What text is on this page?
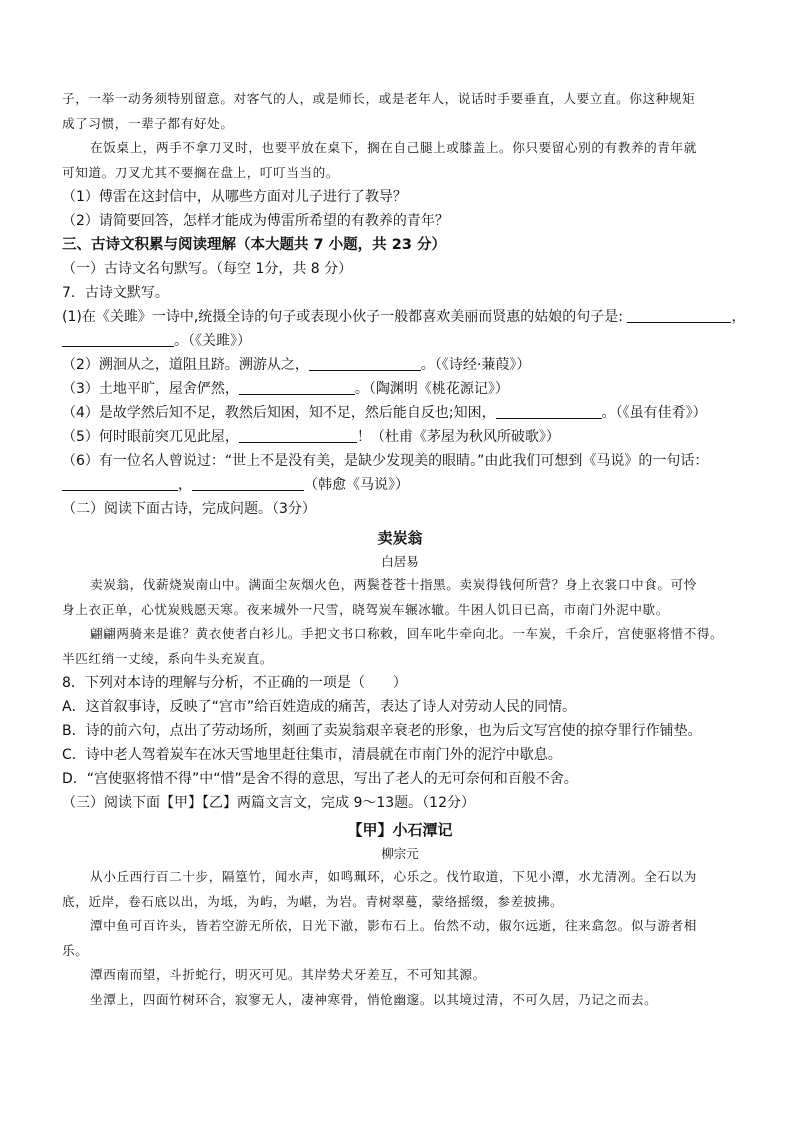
子，一举一动务须特别留意。对客气的人，或是师长，或是老年人，说话时手要垂直，人要立直。你这种规矩
成了习惯，一辈子都有好处。
在饭桌上，两手不拿刀叉时，也要平放在桌下，搁在自己腿上或膝盖上。你只要留心别的有教养的青年就
可知道。刀叉尤其不要搁在盘上，叮叮当当的。
（1）傅雷在这封信中，从哪些方面对儿子进行了教导？
（2）请简要回答，怎样才能成为傅雷所希望的有教养的青年？
三、古诗文积累与阅读理解（本大题共 7 小题，共 23 分）
（一）古诗文名句默写。（每空 1分，共 8 分）
7．古诗文默写。
(1)在《关雎》一诗中,统摄全诗的句子或表现小伙子一般都喜欢美丽而贤惠的姑娘的句子是:	，
。（《关雎》）
（2）溯洄从之，道阻且跻。溯游从之，	。（《诗经·蒹葭》）
（3）土地平旷，屋舍俨然，	。（陶渊明《桃花源记》）
（4）是故学然后知不足，教然后知困，知不足，然后能自反也;知困，	。（《虽有佳肴》）
（5）何时眼前突兀见此屋，	！（杜甫《茅屋为秋风所破歌》）
（6）有一位名人曾说过：“世上不是没有美，是缺少发现美的眼睛。”由此我们可想到《马说》的一句话：
，	（韩愈《马说》）
（二）阅读下面古诗，完成问题。（3分）
卖炭翁
白居易
卖炭翁，伐薪烧炭南山中。满面尘灰烟火色，两鬓苍苍十指黑。卖炭得钱何所营？身上衣裳口中食。可怜
身上衣正单，心忧炭贱愿天寒。夜来城外一尺雪，晓驾炭车辗冰辙。牛困人饥日已高，市南门外泥中歇。
翩翩两骑来是谁？黄衣使者白衫儿。手把文书口称敕，回车叱牛牵向北。一车炭，千余斤，宫使驱将惜不得。
半匹红绡一丈绫，系向牛头充炭直。
8．下列对本诗的理解与分析，不正确的一项是（　　）
A．这首叙事诗，反映了“宫市”给百姓造成的痛苦，表达了诗人对劳动人民的同情。
B．诗的前六句，点出了劳动场所，刻画了卖炭翁艰辛衰老的形象，也为后文写宫使的掠夺罪行作铺垫。
C．诗中老人驾着炭车在冰天雪地里赶往集市，清晨就在市南门外的泥泞中歇息。
D．“宫使驱将惜不得”中“惜”是舍不得的意思，写出了老人的无可奈何和百般不舍。
（三）阅读下面【甲】【乙】两篇文言文，完成 9～13题。（12分）
【甲】小石潭记
柳宗元
从小丘西行百二十步，隔篁竹，闻水声，如鸣珮环，心乐之。伐竹取道，下见小潭，水尤清冽。全石以为
底，近岸，卷石底以出，为坻，为屿，为嵁，为岩。青树翠蔓，蒙络摇缀，参差披拂。
潭中鱼可百许头，皆若空游无所依，日光下澈，影布石上。佁然不动，俶尔远逝，往来翕忽。似与游者相
乐。
潭西南而望，斗折蛇行，明灭可见。其岸势犬牙差互，不可知其源。
坐潭上，四面竹树环合，寂寥无人，凄神寒骨，悄怆幽邃。以其境过清，不可久居，乃记之而去。
